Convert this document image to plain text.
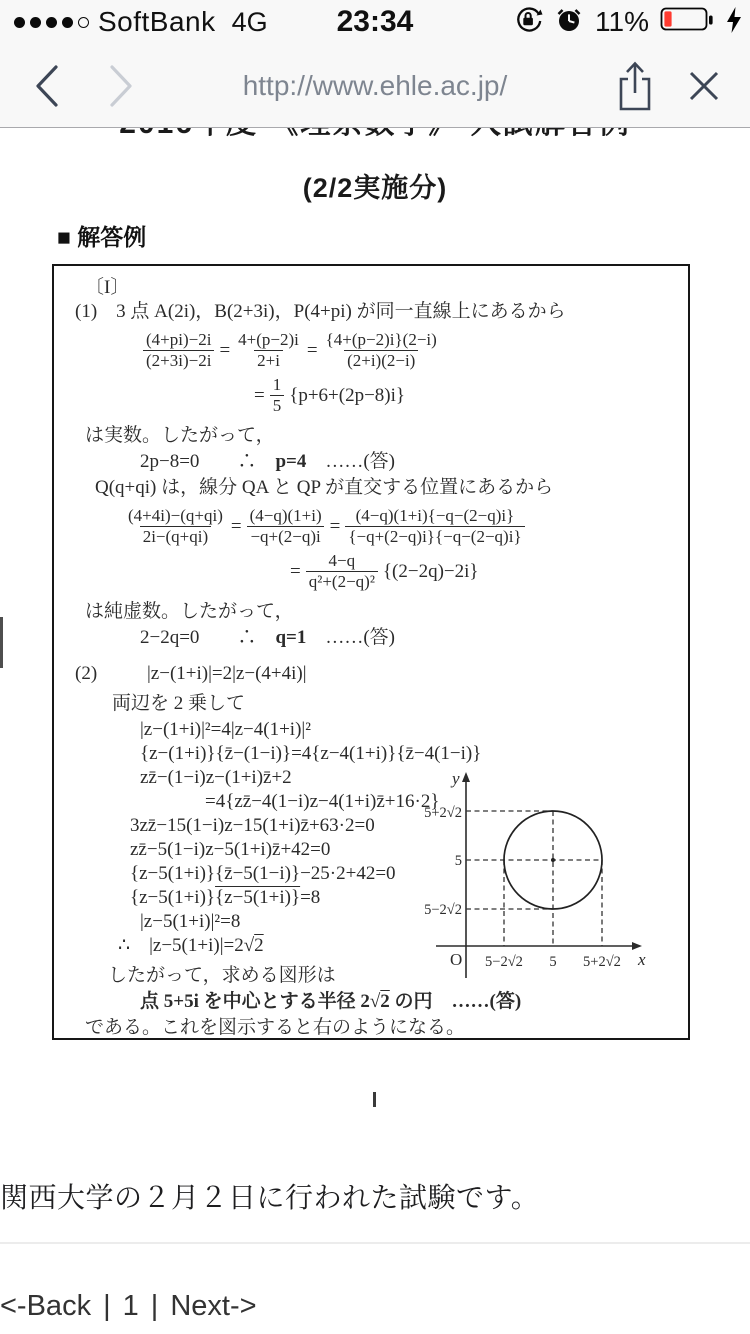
SoftBank 4G	23:34	11%
http://www.ehle.ac.jp/
(2/2実施分)
■ 解答例
〔I〕
(1)　3 点 A(2i)，B(2+3i)，P(4+pi) が同一直線上にあるから
$\frac{(4+pi)-2i}{(2+3i)-2i} = \frac{4+(p-2)i}{2+i} = \frac{\{4+(p-2)i\}(2-i)}{(2+i)(2-i)}$
= $\frac{1}{5} \{p+6+(2p-8)i\}$
は実数。したがって，
2p−8=0　　∴　 p=4 　……(答)
Q(q+qi) は，線分 QA と QP が直交する位置にあるから
$\frac{(4+4i)-(q+qi)}{2i-(q+qi)} = \frac{(4-q)(1+i)}{-q+(2-q)i} = \frac{(4-q)(1+i)\{-q-(2-q)i\}}{\{-q+(2-q)i\}\{-q-(2-q)i\}}$
= $\frac{4-q}{\text{q²+(2−q)²}} \{(2-2q)-2i\}$
は純虚数。したがって，
2−2q=0　　∴　 q=1 　……(答)
(2)	|z−(1+i)|=2|z−(4+4i)|
両辺を 2 乗して
|z−(1+i)|²=4|z−4(1+i)|²
{z−(1+i)}{z̄−(1−i)}=4{z−4(1+i)}{z̄−4(1−i)}
zz̄−(1−i)z−(1+i)z̄+2
=4{zz̄−4(1−i)z−4(1+i)z̄+16·2}
3zz̄−15(1−i)z−15(1+i)z̄+63·2=0
zz̄−5(1−i)z−5(1+i)z̄+42=0
{z−5(1+i)}{z̄−5(1−i)}−25·2+42=0
{z−5(1+i)} {z−5(1+i)} =8
|z−5(1+i)|²=8
∴　|z−5(1+i)|=2 √2
したがって，求める図形は
点 5+5i を中心とする半径 2 √2 の円　……(答)
である。これを図示すると右のようになる。
y
x
O
5+2√2
5
5−2√2
5−2√2 5 5+2√2
関西大学の２月２日に行われた試験です。
<-Back | 1 | Next->
